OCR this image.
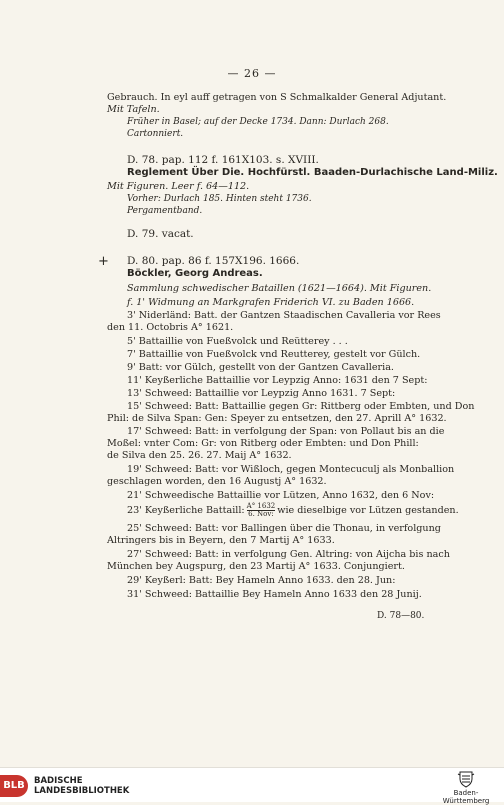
— 26 —
Gebrauch. In eyl auff getragen von S Schmalkalder General Adjutant.
Mit Tafeln.
Früher in Basel; auf der Decke 1734. Dann: Durlach 268.
Cartonniert.
D. 78. pap. 112 f. 161X103. s. XVIII.
Reglement Über Die. Hochfürstl. Baaden-Durlachische Land-Miliz.
Mit Figuren. Leer f. 64—112.
Vorher: Durlach 185. Hinten steht 1736.
Pergamentband.
D. 79. vacat.
+ D. 80. pap. 86 f. 157X196. 1666.
Böckler, Georg Andreas.
Sammlung schwedischer Bataillen (1621—1664). Mit Figuren.
f. 1' Widmung an Markgrafen Friderich VI. zu Baden 1666.
3' Niderländ: Batt. der Gantzen Staadischen Cavalleria vor Rees
den 11. Octobris A° 1621.
5' Battaillie von Fueßvolck und Reütterey . . .
7' Battaillie von Fueßvolck vnd Reutterey, gestelt vor Gülch.
9' Batt: vor Gülch, gestellt von der Gantzen Cavalleria.
11' Keyßerliche Battaillie vor Leypzig Anno: 1631 den 7 Sept:
13' Schweed: Battaillie vor Leypzig Anno 1631. 7 Sept:
15' Schweed: Batt: Battaillie gegen Gr: Rittberg oder Embten, und Don
Phil: de Silva Span: Gen: Speyer zu entsetzen, den 27. Aprill A° 1632.
17' Schweed: Batt: in verfolgung der Span: von Pollaut bis an die
Moßel: vnter Com: Gr: von Ritberg oder Embten: und Don Phill:
de Silva den 25. 26. 27. Maij A° 1632.
19' Schweed: Batt: vor Wißloch, gegen Montecuculj als Monballion
geschlagen worden, den 16 Augustj A° 1632.
21' Schweedische Battaillie vor Lützen, Anno 1632, den 6 Nov:
23' Keyßerliche Battaill: $\frac{A^\circ 1632}{\text{6. Nov:}}$ wie dieselbige vor Lützen gestanden.
25' Schweed: Batt: vor Ballingen über die Thonau, in verfolgung
Altringers bis in Beyern, den 7 Martij A° 1633.
27' Schweed: Batt: in verfolgung Gen. Altring: von Aijcha bis nach
München bey Augspurg, den 23 Martij A° 1633. Conjungiert.
29' Keyßerl: Batt: Bey Hameln Anno 1633. den 28. Jun:
31' Schweed: Battaillie Bey Hameln Anno 1633 den 28 Junij.
D. 78—80.
BLB	BADISCHE
LANDESBIBLIOTHEK	Baden-Württemberg
